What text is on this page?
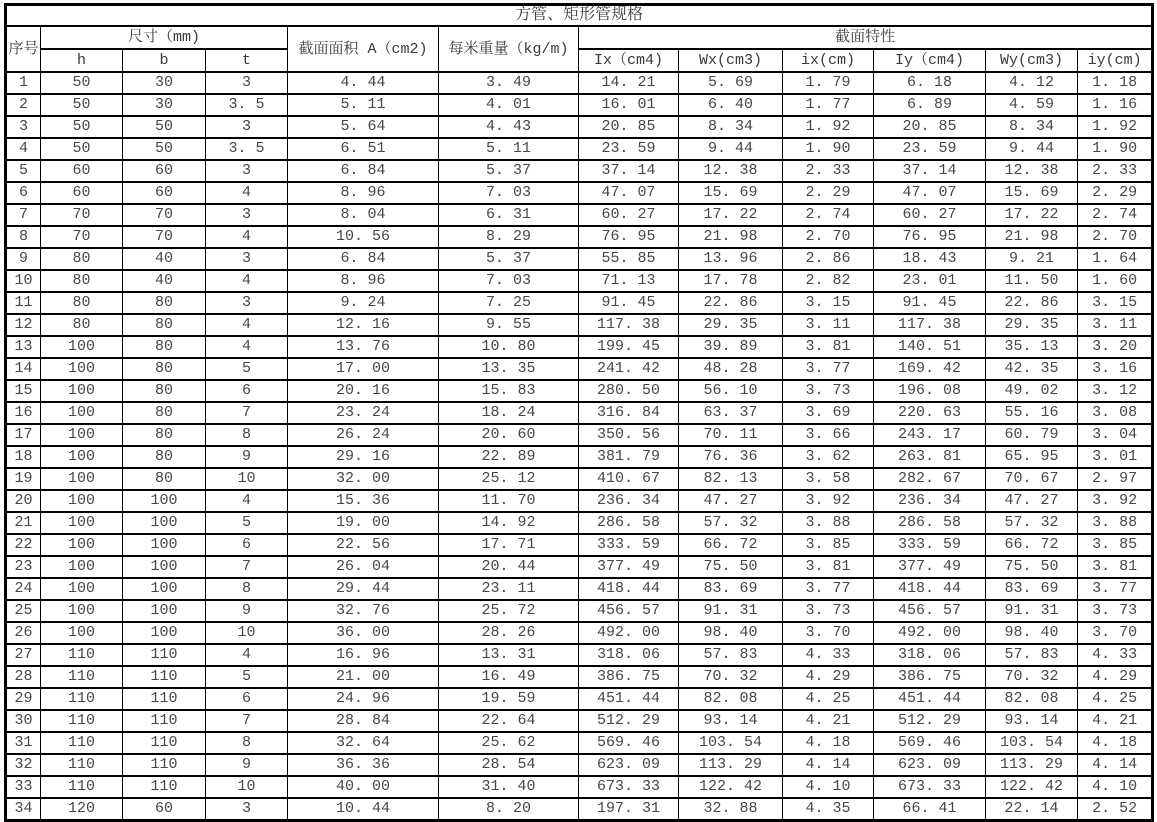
方管、矩形管规格											
序号	尺寸（mm)			截面面积 A（cm2)	每米重量（kg/m)	截面特性					
	h	b	t			Ix（cm4)	Wx(cm3)	ix(cm)	Iy（cm4)	Wy(cm3)	iy(cm)
1	50	30	3	4. 44	3. 49	14. 21	5. 69	1. 79	6. 18	4. 12	1. 18
2	50	30	3. 5	5. 11	4. 01	16. 01	6. 40	1. 77	6. 89	4. 59	1. 16
3	50	50	3	5. 64	4. 43	20. 85	8. 34	1. 92	20. 85	8. 34	1. 92
4	50	50	3. 5	6. 51	5. 11	23. 59	9. 44	1. 90	23. 59	9. 44	1. 90
5	60	60	3	6. 84	5. 37	37. 14	12. 38	2. 33	37. 14	12. 38	2. 33
6	60	60	4	8. 96	7. 03	47. 07	15. 69	2. 29	47. 07	15. 69	2. 29
7	70	70	3	8. 04	6. 31	60. 27	17. 22	2. 74	60. 27	17. 22	2. 74
8	70	70	4	10. 56	8. 29	76. 95	21. 98	2. 70	76. 95	21. 98	2. 70
9	80	40	3	6. 84	5. 37	55. 85	13. 96	2. 86	18. 43	9. 21	1. 64
10	80	40	4	8. 96	7. 03	71. 13	17. 78	2. 82	23. 01	11. 50	1. 60
11	80	80	3	9. 24	7. 25	91. 45	22. 86	3. 15	91. 45	22. 86	3. 15
12	80	80	4	12. 16	9. 55	117. 38	29. 35	3. 11	117. 38	29. 35	3. 11
13	100	80	4	13. 76	10. 80	199. 45	39. 89	3. 81	140. 51	35. 13	3. 20
14	100	80	5	17. 00	13. 35	241. 42	48. 28	3. 77	169. 42	42. 35	3. 16
15	100	80	6	20. 16	15. 83	280. 50	56. 10	3. 73	196. 08	49. 02	3. 12
16	100	80	7	23. 24	18. 24	316. 84	63. 37	3. 69	220. 63	55. 16	3. 08
17	100	80	8	26. 24	20. 60	350. 56	70. 11	3. 66	243. 17	60. 79	3. 04
18	100	80	9	29. 16	22. 89	381. 79	76. 36	3. 62	263. 81	65. 95	3. 01
19	100	80	10	32. 00	25. 12	410. 67	82. 13	3. 58	282. 67	70. 67	2. 97
20	100	100	4	15. 36	11. 70	236. 34	47. 27	3. 92	236. 34	47. 27	3. 92
21	100	100	5	19. 00	14. 92	286. 58	57. 32	3. 88	286. 58	57. 32	3. 88
22	100	100	6	22. 56	17. 71	333. 59	66. 72	3. 85	333. 59	66. 72	3. 85
23	100	100	7	26. 04	20. 44	377. 49	75. 50	3. 81	377. 49	75. 50	3. 81
24	100	100	8	29. 44	23. 11	418. 44	83. 69	3. 77	418. 44	83. 69	3. 77
25	100	100	9	32. 76	25. 72	456. 57	91. 31	3. 73	456. 57	91. 31	3. 73
26	100	100	10	36. 00	28. 26	492. 00	98. 40	3. 70	492. 00	98. 40	3. 70
27	110	110	4	16. 96	13. 31	318. 06	57. 83	4. 33	318. 06	57. 83	4. 33
28	110	110	5	21. 00	16. 49	386. 75	70. 32	4. 29	386. 75	70. 32	4. 29
29	110	110	6	24. 96	19. 59	451. 44	82. 08	4. 25	451. 44	82. 08	4. 25
30	110	110	7	28. 84	22. 64	512. 29	93. 14	4. 21	512. 29	93. 14	4. 21
31	110	110	8	32. 64	25. 62	569. 46	103. 54	4. 18	569. 46	103. 54	4. 18
32	110	110	9	36. 36	28. 54	623. 09	113. 29	4. 14	623. 09	113. 29	4. 14
33	110	110	10	40. 00	31. 40	673. 33	122. 42	4. 10	673. 33	122. 42	4. 10
34	120	60	3	10. 44	8. 20	197. 31	32. 88	4. 35	66. 41	22. 14	2. 52
